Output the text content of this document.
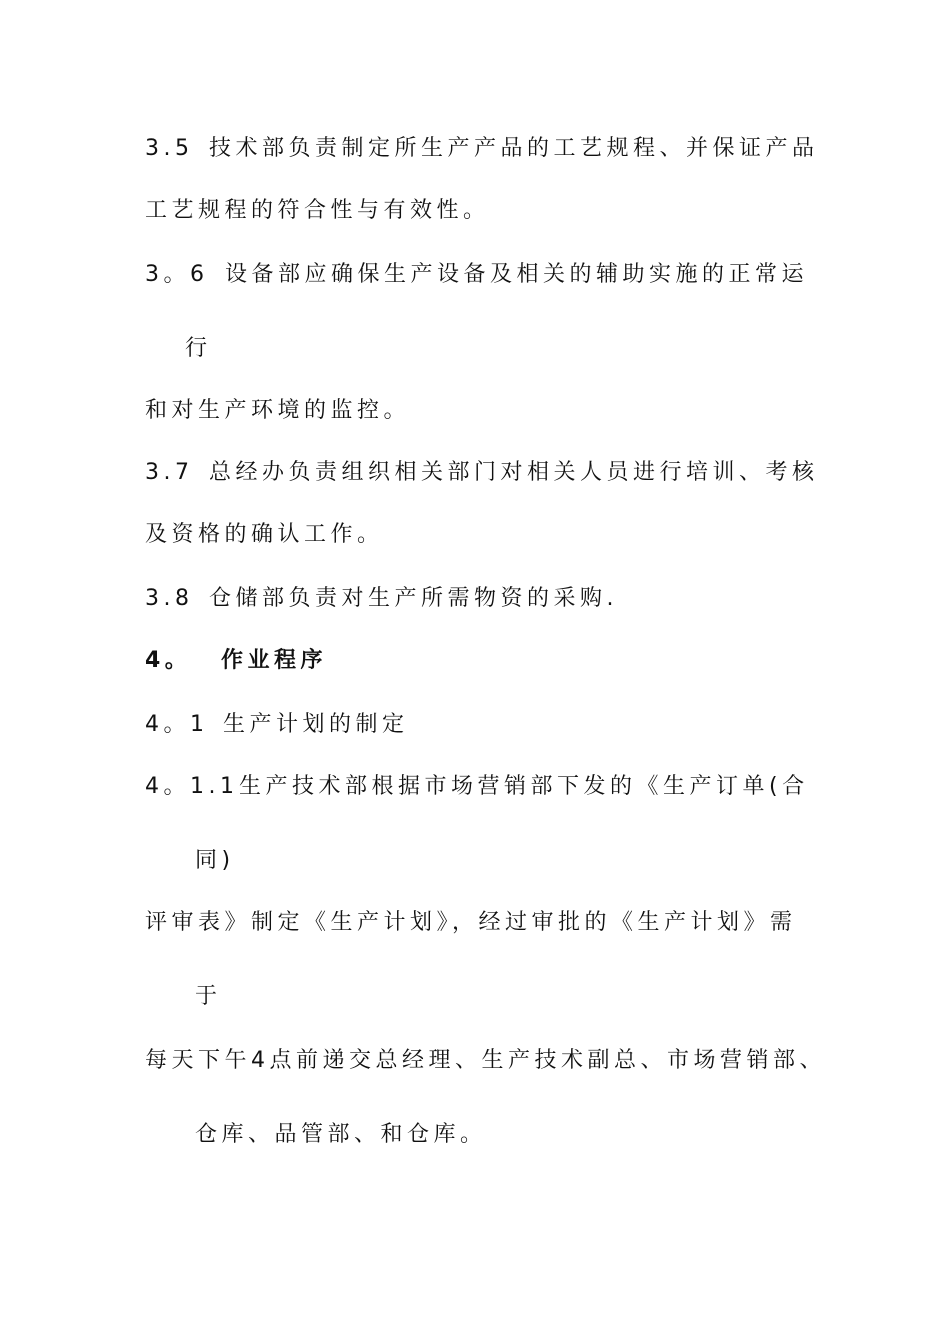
3.5 技术部负责制定所生产产品的工艺规程、并保证产品

工艺规程的符合性与有效性。

3。6 设备部应确保生产设备及相关的辅助实施的正常运

行

和对生产环境的监控。

3.7 总经办负责组织相关部门对相关人员进行培训、考核

及资格的确认工作。

3.8 仓储部负责对生产所需物资的采购.

4。 作业程序

4。1 生产计划的制定

4。1.1生产技术部根据市场营销部下发的《生产订单(合

同)

评审表》制定《生产计划》，经过审批的《生产计划》需

于

每天下午4点前递交总经理、生产技术副总、市场营销部、

仓库、品管部、和仓库。
